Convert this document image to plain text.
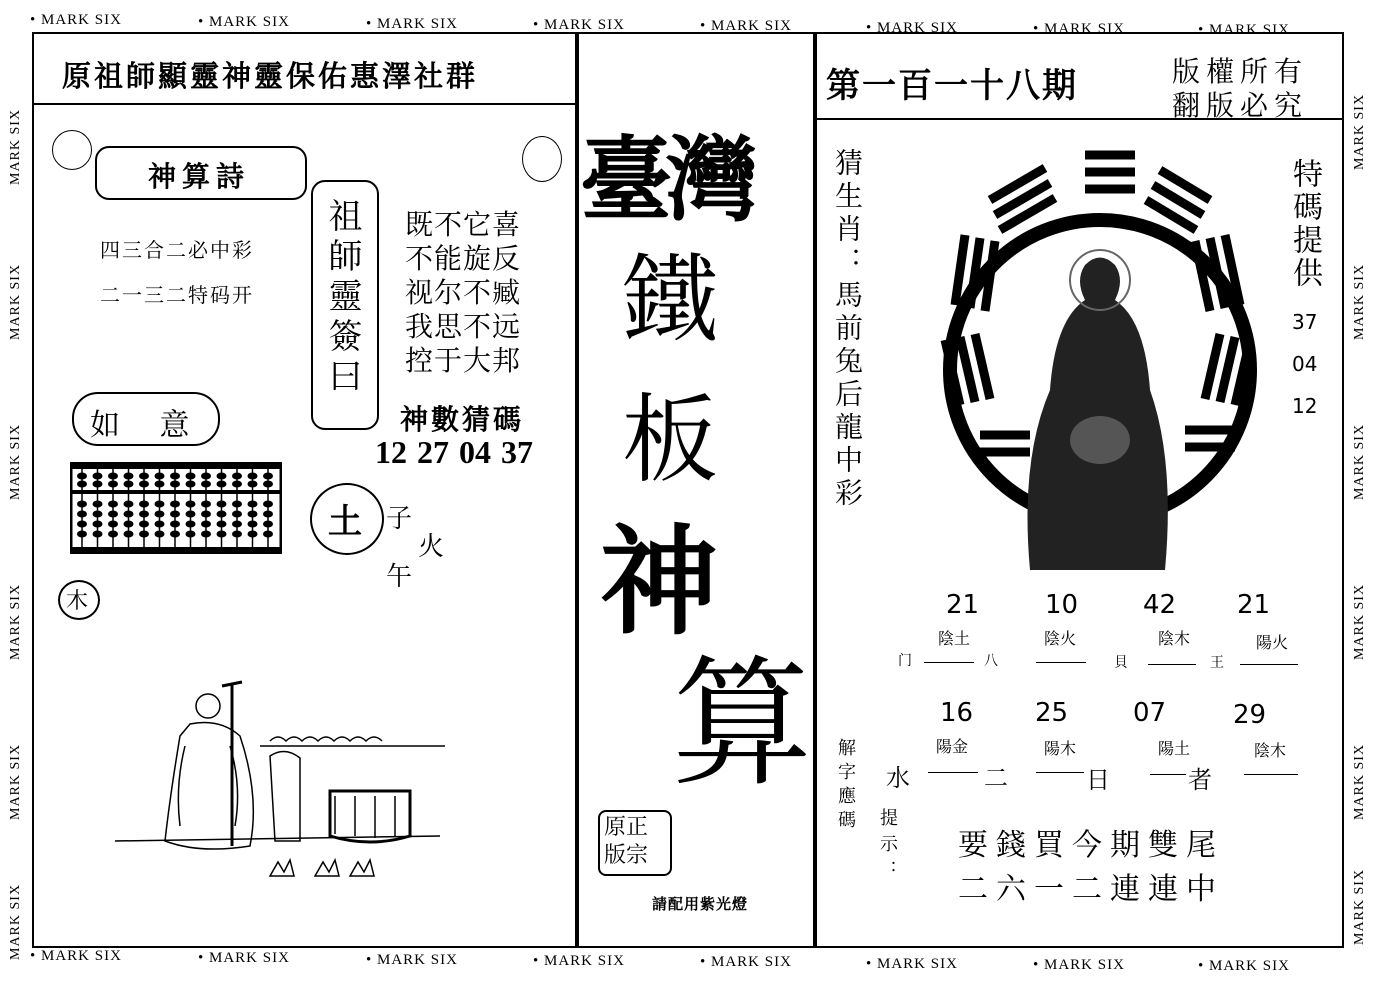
• MARK SIX	• MARK SIX	• MARK SIX	• MARK SIX	• MARK SIX	• MARK SIX	• MARK SIX	• MARK SIX
• MARK SIX	• MARK SIX	• MARK SIX	• MARK SIX	• MARK SIX	• MARK SIX	• MARK SIX	• MARK SIX
MARK SIX
MARK SIX
MARK SIX
MARK SIX
MARK SIX
MARK SIX
MARK SIX
MARK SIX
MARK SIX
MARK SIX
MARK SIX
MARK SIX
原祖師顯靈神靈保佑惠澤社群
神算詩
四三合二必中彩
二一三二特码开 祖師靈簽曰 既不它喜
不能旋反
视尔不臧
我思不远
控于大邦
神數猜碼
12 27 04 37
如 意
土 子
火
午
木
臺灣
鐵
板
神
算
原正版宗
請配用紫光燈
第一百一十八期	版權所有
翻版必究
猜生肖：馬前兔后龍中彩	特碼提供
37
04
12
21	10 42 21
陰土	陰火	陰木	陽火
门	八	貝	王
16 25 07	29
陽金	陽木	陽土	陰木
水	二	日	者
解字應碼
提示： 要錢買今期雙尾
二六一二連連中
